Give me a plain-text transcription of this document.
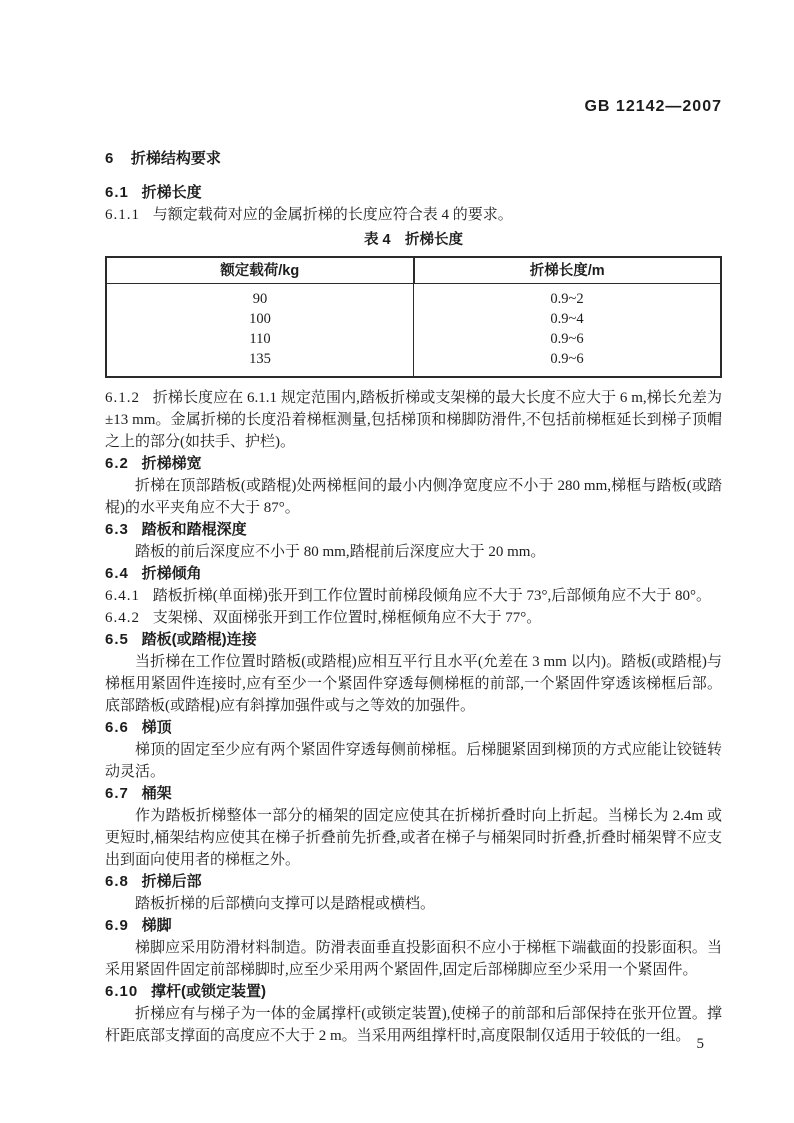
GB 12142—2007
6 折梯结构要求
6.1 折梯长度

6.1.1 与额定载荷对应的金属折梯的长度应符合表 4 的要求。

表 4 折梯长度
额定载荷/kg	折梯长度/m
90	0.9~2
100	0.9~4
110	0.9~6
135	0.9~6

6.1.2 折梯长度应在 6.1.1 规定范围内,踏板折梯或支架梯的最大长度不应大于 6 m,梯长允差为±13 mm。金属折梯的长度沿着梯框测量,包括梯顶和梯脚防滑件,不包括前梯框延长到梯子顶帽之上的部分(如扶手、护栏)。

6.2 折梯梯宽

折梯在顶部踏板(或踏棍)处两梯框间的最小内侧净宽度应不小于 280 mm,梯框与踏板(或踏棍)的水平夹角应不大于 87°。

6.3 踏板和踏棍深度

踏板的前后深度应不小于 80 mm,踏棍前后深度应大于 20 mm。

6.4 折梯倾角

6.4.1 踏板折梯(单面梯)张开到工作位置时前梯段倾角应不大于 73°,后部倾角应不大于 80°。

6.4.2 支架梯、双面梯张开到工作位置时,梯框倾角应不大于 77°。

6.5 踏板(或踏棍)连接

当折梯在工作位置时踏板(或踏棍)应相互平行且水平(允差在 3 mm 以内)。踏板(或踏棍)与梯框用紧固件连接时,应有至少一个紧固件穿透每侧梯框的前部,一个紧固件穿透该梯框后部。底部踏板(或踏棍)应有斜撑加强件或与之等效的加强件。

6.6 梯顶

梯顶的固定至少应有两个紧固件穿透每侧前梯框。后梯腿紧固到梯顶的方式应能让铰链转动灵活。

6.7 桶架

作为踏板折梯整体一部分的桶架的固定应使其在折梯折叠时向上折起。当梯长为 2.4m 或更短时,桶架结构应使其在梯子折叠前先折叠,或者在梯子与桶架同时折叠,折叠时桶架臂不应支出到面向使用者的梯框之外。

6.8 折梯后部

踏板折梯的后部横向支撑可以是踏棍或横档。

6.9 梯脚

梯脚应采用防滑材料制造。防滑表面垂直投影面积不应小于梯框下端截面的投影面积。当采用紧固件固定前部梯脚时,应至少采用两个紧固件,固定后部梯脚应至少采用一个紧固件。

6.10 撑杆(或锁定装置)

折梯应有与梯子为一体的金属撑杆(或锁定装置),使梯子的前部和后部保持在张开位置。撑杆距底部支撑面的高度应不大于 2 m。当采用两组撑杆时,高度限制仅适用于较低的一组。 5
